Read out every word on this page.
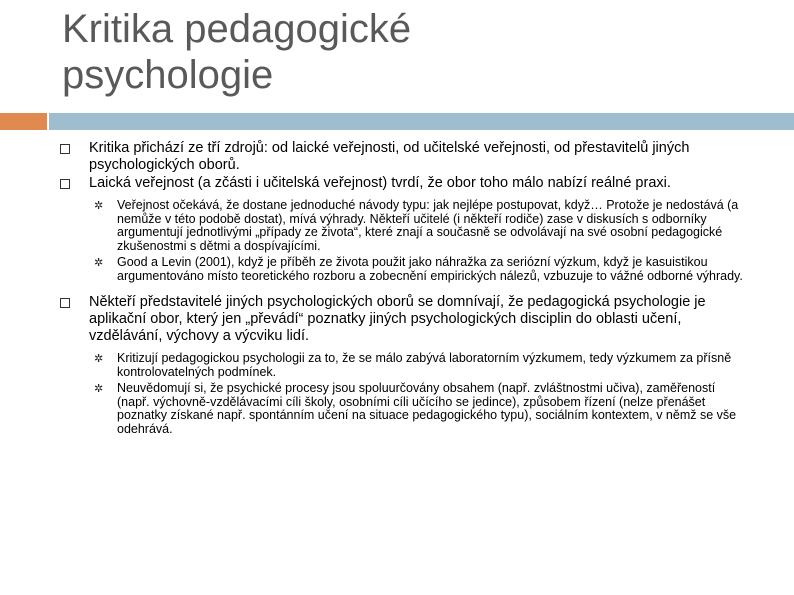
Kritika pedagogické
psychologie
Kritika přichází ze tří zdrojů: od laické veřejnosti, od učitelské veřejnosti, od přestavitelů jiných psychologických oborů.
Laická veřejnost (a zčásti i učitelská veřejnost) tvrdí, že obor toho málo nabízí reálné praxi.
✲ Veřejnost očekává, že dostane jednoduché návody typu: jak nejlépe postupovat, když… Protože je nedostává (a nemůže v této podobě dostat), mívá výhrady. Někteří učitelé (i někteří rodiče) zase v diskusích s odborníky argumentují jednotlivými „případy ze života“, které znají a současně se odvolávají na své osobní pedagogické zkušenostmi s dětmi a dospívajícími.
✲ Good a Levin (2001), když je příběh ze života použit jako náhražka za seriózní výzkum, když je kasuistikou argumentováno místo teoretického rozboru a zobecnění empirických nálezů, vzbuzuje to vážné odborné výhrady.
Někteří představitelé jiných psychologických oborů se domnívají, že pedagogická psychologie je aplikační obor, který jen „převádí“ poznatky jiných psychologických disciplin do oblasti učení, vzdělávání, výchovy a výcviku lidí.
✲ Kritizují pedagogickou psychologii za to, že se málo zabývá laboratorním výzkumem, tedy výzkumem za přísně kontrolovatelných podmínek.
✲ Neuvědomují si, že psychické procesy jsou spoluurčovány obsahem (např. zvláštnostmi učiva), zaměřeností (např. výchovně-vzdělávacími cíli školy, osobními cíli učícího se jedince), způsobem řízení (nelze přenášet poznatky získané např. spontánním učení na situace pedagogického typu), sociálním kontextem, v němž se vše odehrává.
